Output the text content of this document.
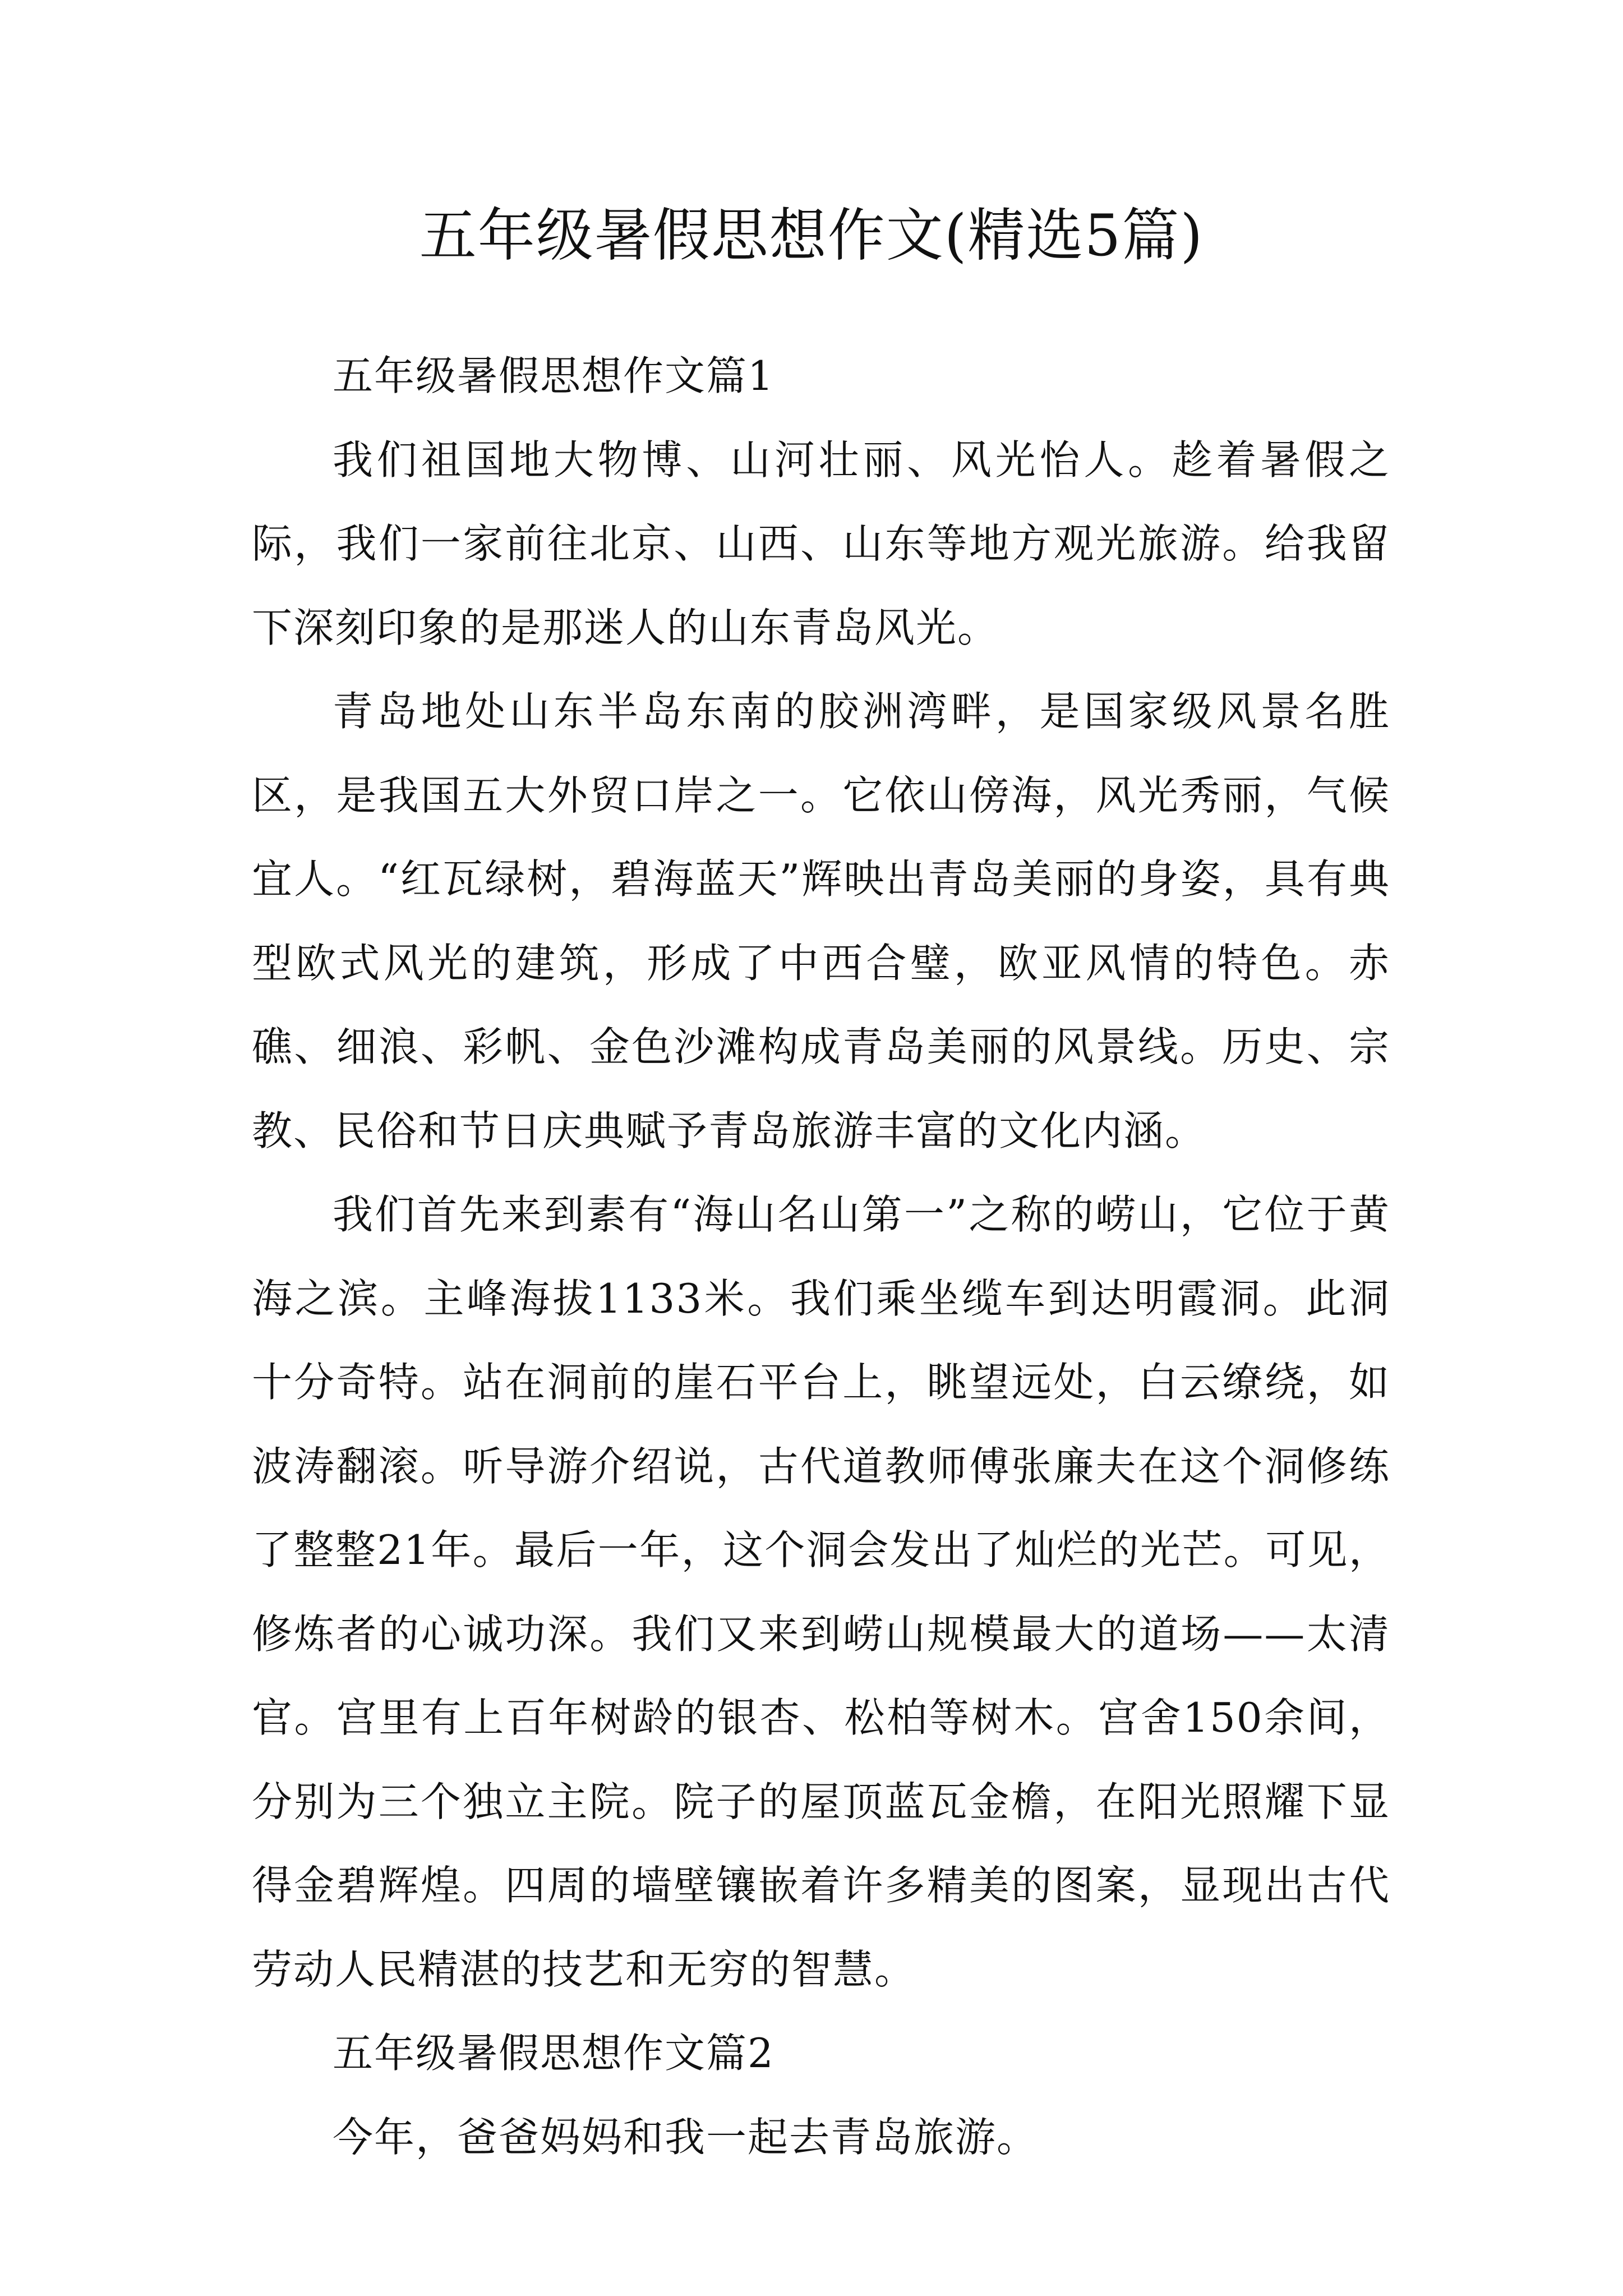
五年级暑假思想作文(精选5篇)

五年级暑假思想作文篇1

我们祖国地大物博、山河壮丽、风光怡人。趁着暑假之际，我们一家前往北京、山西、山东等地方观光旅游。给我留下深刻印象的是那迷人的山东青岛风光。

青岛地处山东半岛东南的胶洲湾畔，是国家级风景名胜区，是我国五大外贸口岸之一。它依山傍海，风光秀丽，气候宜人。“红瓦绿树，碧海蓝天”辉映出青岛美丽的身姿，具有典型欧式风光的建筑，形成了中西合璧，欧亚风情的特色。赤礁、细浪、彩帆、金色沙滩构成青岛美丽的风景线。历史、宗教、民俗和节日庆典赋予青岛旅游丰富的文化内涵。

我们首先来到素有“海山名山第一”之称的崂山，它位于黄海之滨。主峰海拔1133米。我们乘坐缆车到达明霞洞。此洞十分奇特。站在洞前的崖石平台上，眺望远处，白云缭绕，如波涛翻滚。听导游介绍说，古代道教师傅张廉夫在这个洞修练了整整21年。最后一年，这个洞会发出了灿烂的光芒。可见，修炼者的心诚功深。我们又来到崂山规模最大的道场——太清官。宫里有上百年树龄的银杏、松柏等树木。宫舍150余间，分别为三个独立主院。院子的屋顶蓝瓦金檐，在阳光照耀下显得金碧辉煌。四周的墙壁镶嵌着许多精美的图案，显现出古代劳动人民精湛的技艺和无穷的智慧。

五年级暑假思想作文篇2

今年，爸爸妈妈和我一起去青岛旅游。
